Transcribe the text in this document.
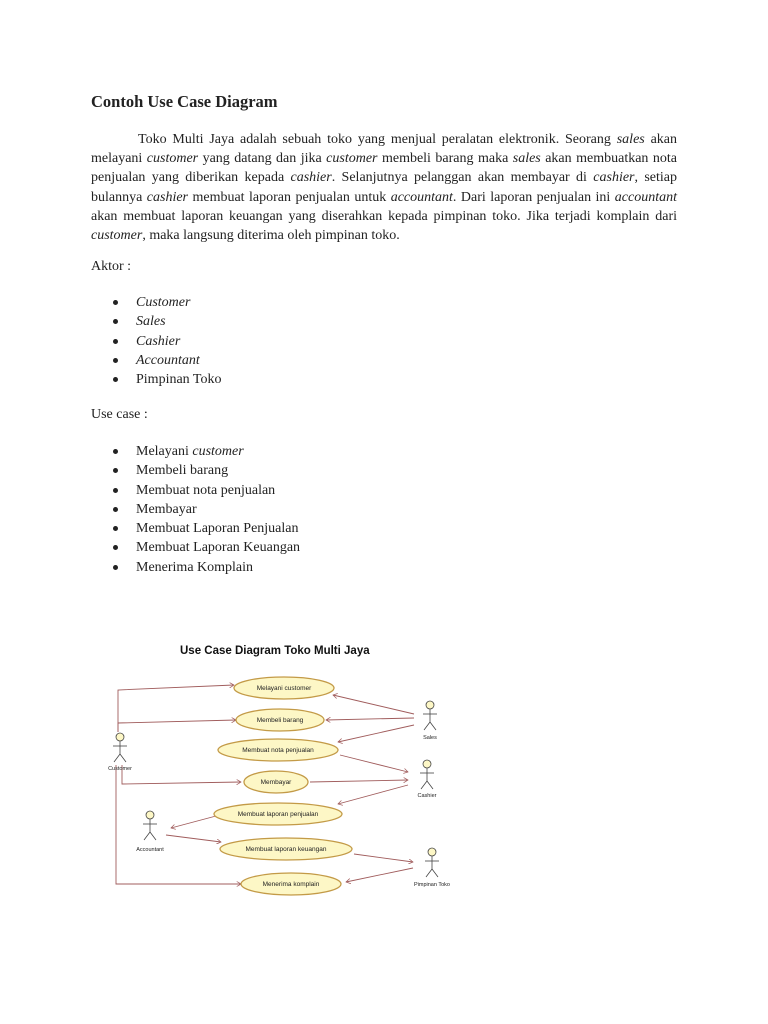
Contoh Use Case Diagram

Toko Multi Jaya adalah sebuah toko yang menjual peralatan elektronik. Seorang sales akan melayani customer yang datang dan jika customer membeli barang maka sales akan membuatkan nota penjualan yang diberikan kepada cashier. Selanjutnya pelanggan akan membayar di cashier, setiap bulannya cashier membuat laporan penjualan untuk accountant. Dari laporan penjualan ini accountant akan membuat laporan keuangan yang diserahkan kepada pimpinan toko. Jika terjadi komplain dari customer, maka langsung diterima oleh pimpinan toko.

Aktor :

Customer
Sales
Cashier
Accountant
Pimpinan Toko

Use case :

Melayani customer
Membeli barang
Membuat nota penjualan
Membayar
Membuat Laporan Penjualan
Membuat Laporan Keuangan
Menerima Komplain
Use Case Diagram Toko Multi Jaya
Melayani customer
Membeli barang
Membuat nota penjualan
Membayar
Membuat laporan penjualan
Membuat laporan keuangan
Menerima komplain
Customer
Sales
Cashier
Accountant
Pimpinan Toko
